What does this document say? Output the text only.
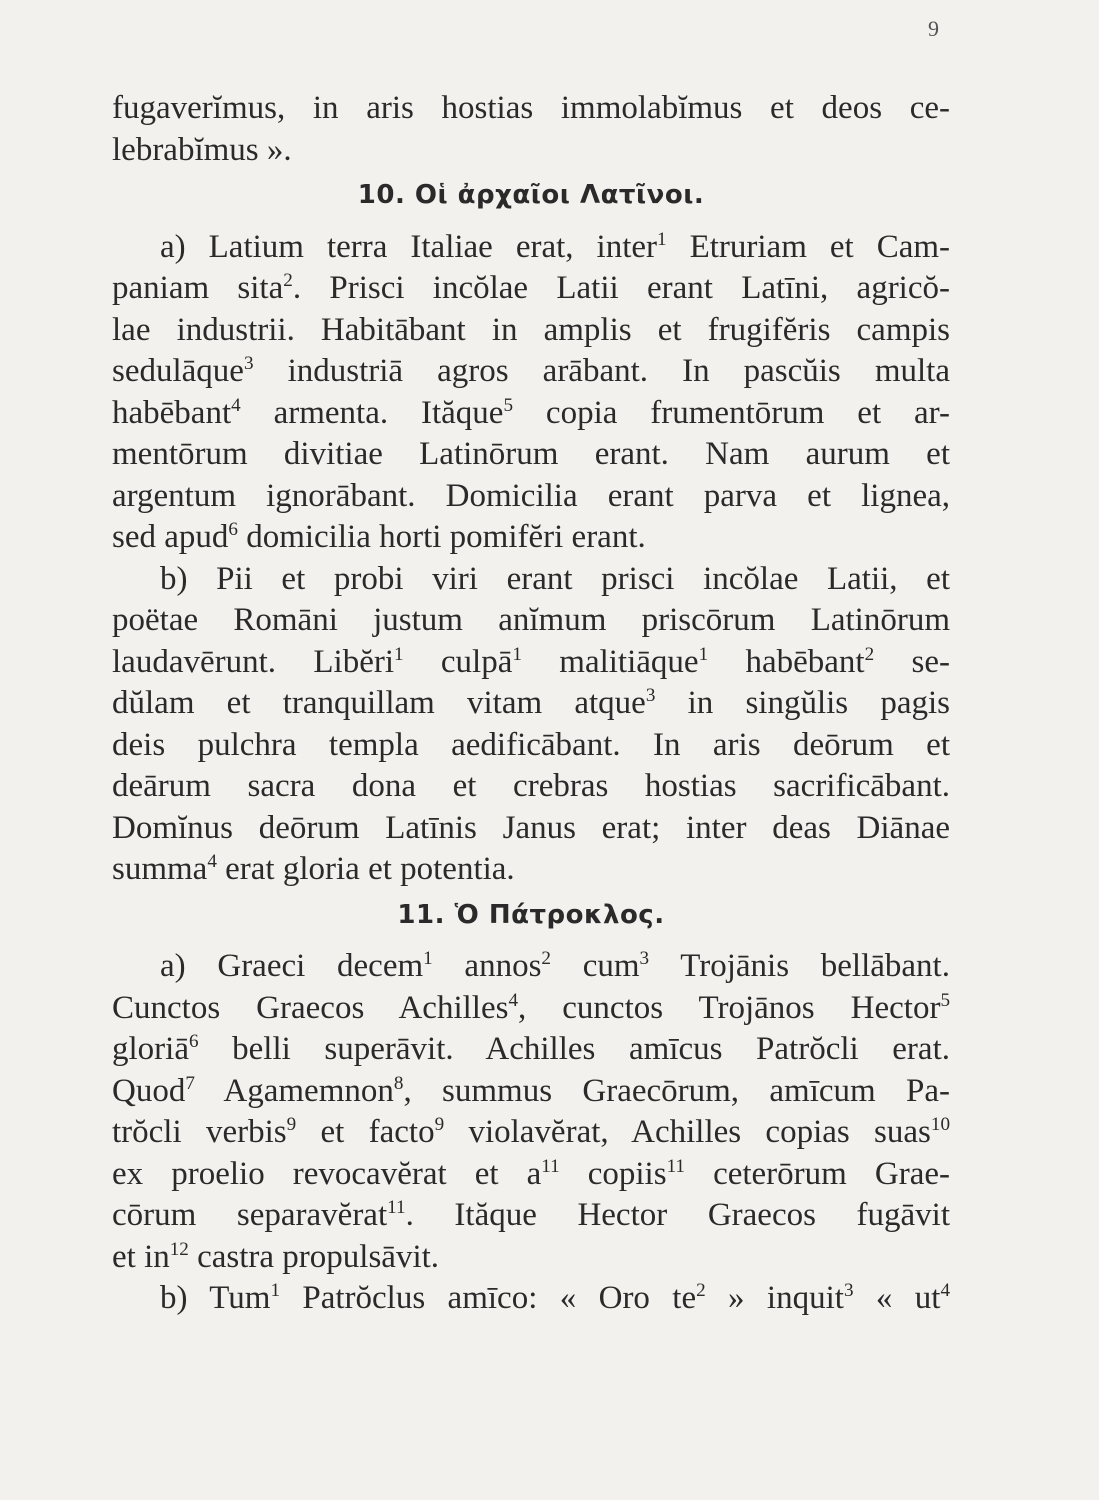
9
fugaverĭmus, in aris hostias immolabĭmus et deos ce-
lebrabĭmus ».
10. Οἱ ἀρχαῖοι Λατῖνοι.
a) Latium terra Italiae erat, inter$^1$ Etruriam et Cam-
paniam sita$^2$. Prisci incŏlae Latii erant Latīni, agricŏ-
lae industrii. Habitābant in amplis et frugifĕris campis
sedulāque$^3$ industriā agros arābant. In pascŭis multa
habēbant$^4$ armenta. Ităque$^5$ copia frumentōrum et ar-
mentōrum divitiae Latinōrum erant. Nam aurum et
argentum ignorābant. Domicilia erant parva et lignea,
sed apud$^6$ domicilia horti pomifĕri erant.
b) Pii et probi viri erant prisci incŏlae Latii, et
poëtae Romāni justum anĭmum priscōrum Latinōrum
laudavērunt. Libĕri$^1$ culpā$^1$ malitiāque$^1$ habēbant$^2$ se-
dŭlam et tranquillam vitam atque$^3$ in singŭlis pagis
deis pulchra templa aedificābant. In aris deōrum et
deārum sacra dona et crebras hostias sacrificābant.
Domĭnus deōrum Latīnis Janus erat; inter deas Diānae
summa$^4$ erat gloria et potentia.
11. Ὁ Πάτροκλος.
a) Graeci decem$^1$ annos$^2$ cum$^3$ Trojānis bellābant.
Cunctos Graecos Achilles$^4$, cunctos Trojānos Hector$^5$
gloriā$^6$ belli superāvit. Achilles amīcus Patrŏcli erat.
Quod$^7$ Agamemnon$^8$, summus Graecōrum, amīcum Pa-
trŏcli verbis$^9$ et facto$^9$ violavĕrat, Achilles copias suas$^{10}$
ex proelio revocavĕrat et $a^{11}$ copiis$^{11}$ ceterōrum Grae-
cōrum separavĕrat$^{11}$. Ităque Hector Graecos fugāvit
et $in^{12}$ castra propulsāvit.
b) Tum$^1$ Patrŏclus amīco: « Oro $te^2$ » inquit$^3$ « $ut^4$
